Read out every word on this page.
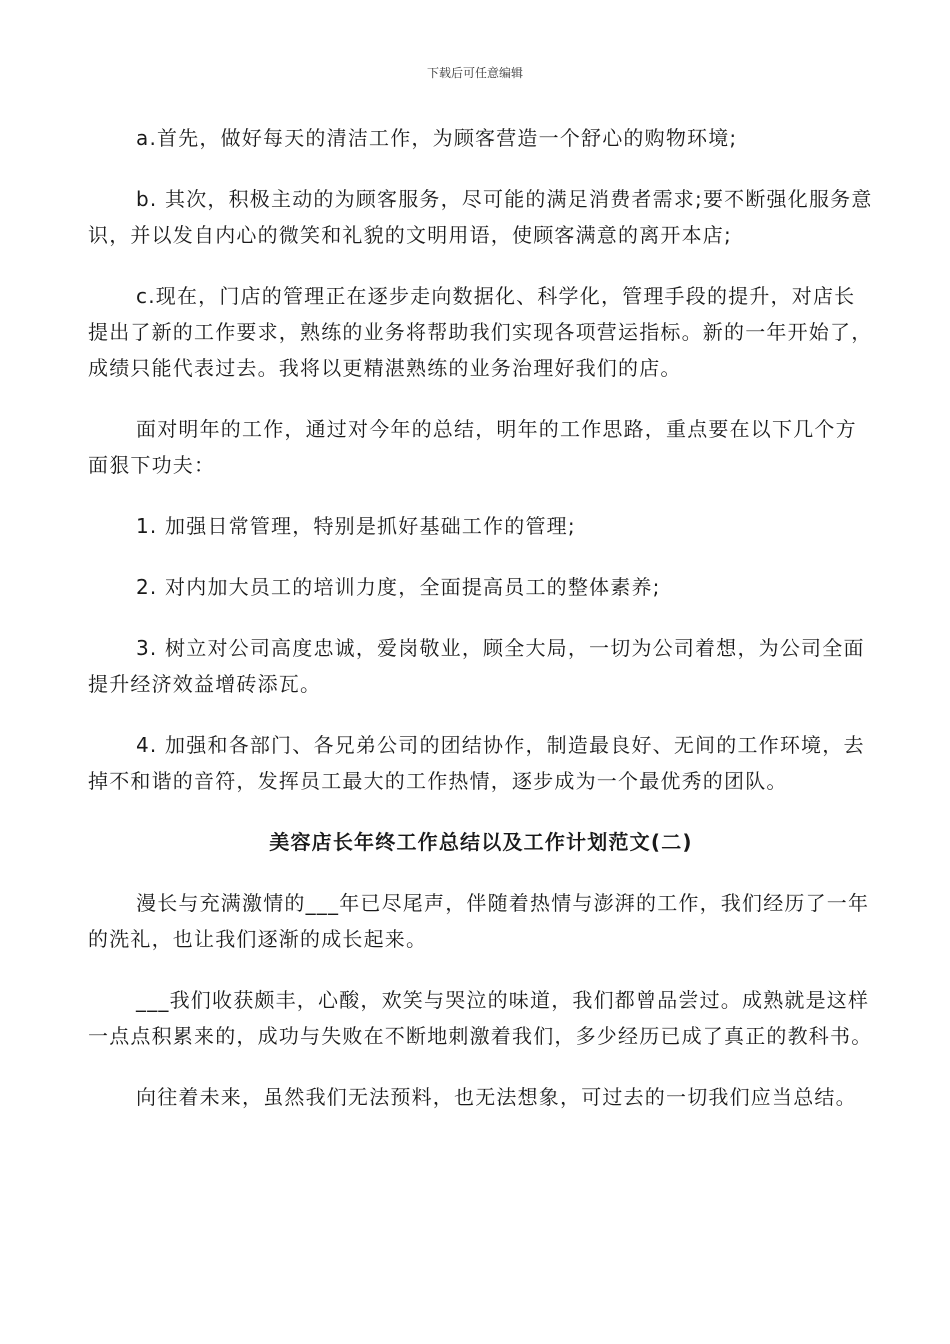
下载后可任意编辑

a.首先，做好每天的清洁工作，为顾客营造一个舒心的购物环境;

b. 其次，积极主动的为顾客服务，尽可能的满足消费者需求;要不断强化服务意识，并以发自内心的微笑和礼貌的文明用语，使顾客满意的离开本店;

c.现在，门店的管理正在逐步走向数据化、科学化，管理手段的提升，对店长提出了新的工作要求，熟练的业务将帮助我们实现各项营运指标。新的一年开始了，成绩只能代表过去。我将以更精湛熟练的业务治理好我们的店。

面对明年的工作，通过对今年的总结，明年的工作思路，重点要在以下几个方面狠下功夫：

1. 加强日常管理，特别是抓好基础工作的管理;

2. 对内加大员工的培训力度，全面提高员工的整体素养;

3. 树立对公司高度忠诚，爱岗敬业，顾全大局，一切为公司着想，为公司全面提升经济效益增砖添瓦。

4. 加强和各部门、各兄弟公司的团结协作，制造最良好、无间的工作环境，去掉不和谐的音符，发挥员工最大的工作热情，逐步成为一个最优秀的团队。

美容店长年终工作总结以及工作计划范文(二)

漫长与充满激情的___年已尽尾声，伴随着热情与澎湃的工作，我们经历了一年的洗礼，也让我们逐渐的成长起来。

___我们收获颇丰，心酸，欢笑与哭泣的味道，我们都曾品尝过。成熟就是这样一点点积累来的，成功与失败在不断地刺激着我们，多少经历已成了真正的教科书。

向往着未来，虽然我们无法预料，也无法想象，可过去的一切我们应当总结。
